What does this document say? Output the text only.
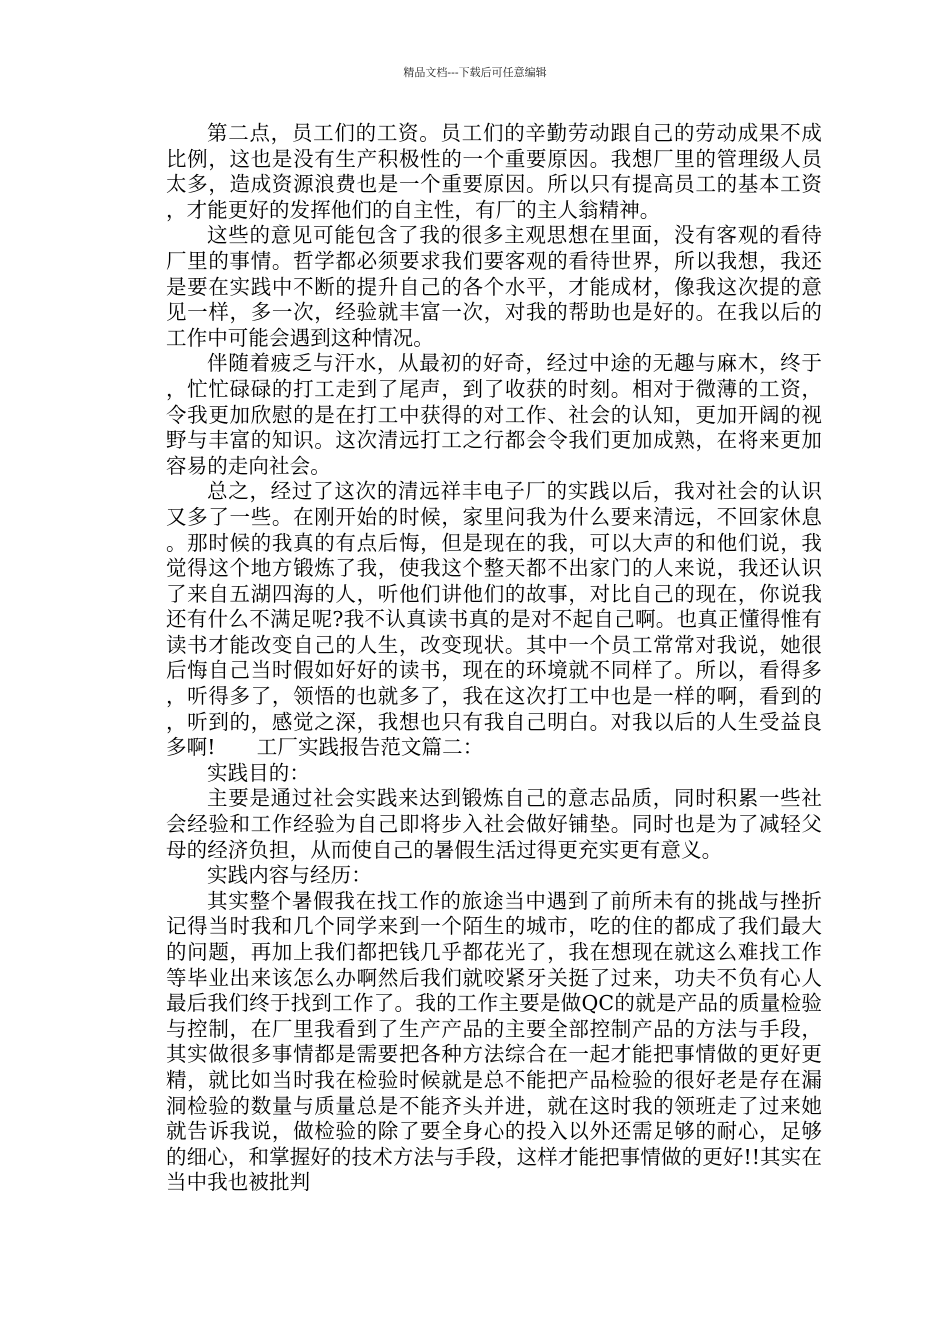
精品文档---下载后可任意编辑

第二点，员工们的工资。员工们的辛勤劳动跟自己的劳动成果不成比例，这也是没有生产积极性的一个重要原因。我想厂里的管理级人员太多，造成资源浪费也是一个重要原因。所以只有提高员工的基本工资，才能更好的发挥他们的自主性，有厂的主人翁精神。

这些的意见可能包含了我的很多主观思想在里面，没有客观的看待厂里的事情。哲学都必须要求我们要客观的看待世界，所以我想，我还是要在实践中不断的提升自己的各个水平，才能成材，像我这次提的意见一样，多一次，经验就丰富一次，对我的帮助也是好的。在我以后的工作中可能会遇到这种情况。

伴随着疲乏与汗水，从最初的好奇，经过中途的无趣与麻木，终于，忙忙碌碌的打工走到了尾声，到了收获的时刻。相对于微薄的工资，令我更加欣慰的是在打工中获得的对工作、社会的认知，更加开阔的视野与丰富的知识。这次清远打工之行都会令我们更加成熟，在将来更加容易的走向社会。

总之，经过了这次的清远祥丰电子厂的实践以后，我对社会的认识又多了一些。在刚开始的时候，家里问我为什么要来清远，不回家休息。那时候的我真的有点后悔，但是现在的我，可以大声的和他们说，我觉得这个地方锻炼了我，使我这个整天都不出家门的人来说，我还认识了来自五湖四海的人，听他们讲他们的故事，对比自己的现在，你说我还有什么不满足呢?我不认真读书真的是对不起自己啊。也真正懂得惟有读书才能改变自己的人生，改变现状。其中一个员工常常对我说，她很后悔自己当时假如好好的读书，现在的环境就不同样了。所以，看得多，听得多了，领悟的也就多了，我在这次打工中也是一样的啊，看到的，听到的，感觉之深，我想也只有我自己明白。对我以后的人生受益良多啊!　　工厂实践报告范文篇二：

实践目的：

主要是通过社会实践来达到锻炼自己的意志品质，同时积累一些社会经验和工作经验为自己即将步入社会做好铺垫。同时也是为了减轻父母的经济负担，从而使自己的暑假生活过得更充实更有意义。

实践内容与经历：

其实整个暑假我在找工作的旅途当中遇到了前所未有的挑战与挫折记得当时我和几个同学来到一个陌生的城市，吃的住的都成了我们最大的问题，再加上我们都把钱几乎都花光了，我在想现在就这么难找工作等毕业出来该怎么办啊然后我们就咬紧牙关挺了过来，功夫不负有心人最后我们终于找到工作了。我的工作主要是做QC的就是产品的质量检验与控制，在厂里我看到了生产产品的主要全部控制产品的方法与手段，其实做很多事情都是需要把各种方法综合在一起才能把事情做的更好更精，就比如当时我在检验时候就是总不能把产品检验的很好老是存在漏洞检验的数量与质量总是不能齐头并进，就在这时我的领班走了过来她就告诉我说，做检验的除了要全身心的投入以外还需足够的耐心，足够的细心，和掌握好的技术方法与手段，这样才能把事情做的更好!!其实在当中我也被批判
